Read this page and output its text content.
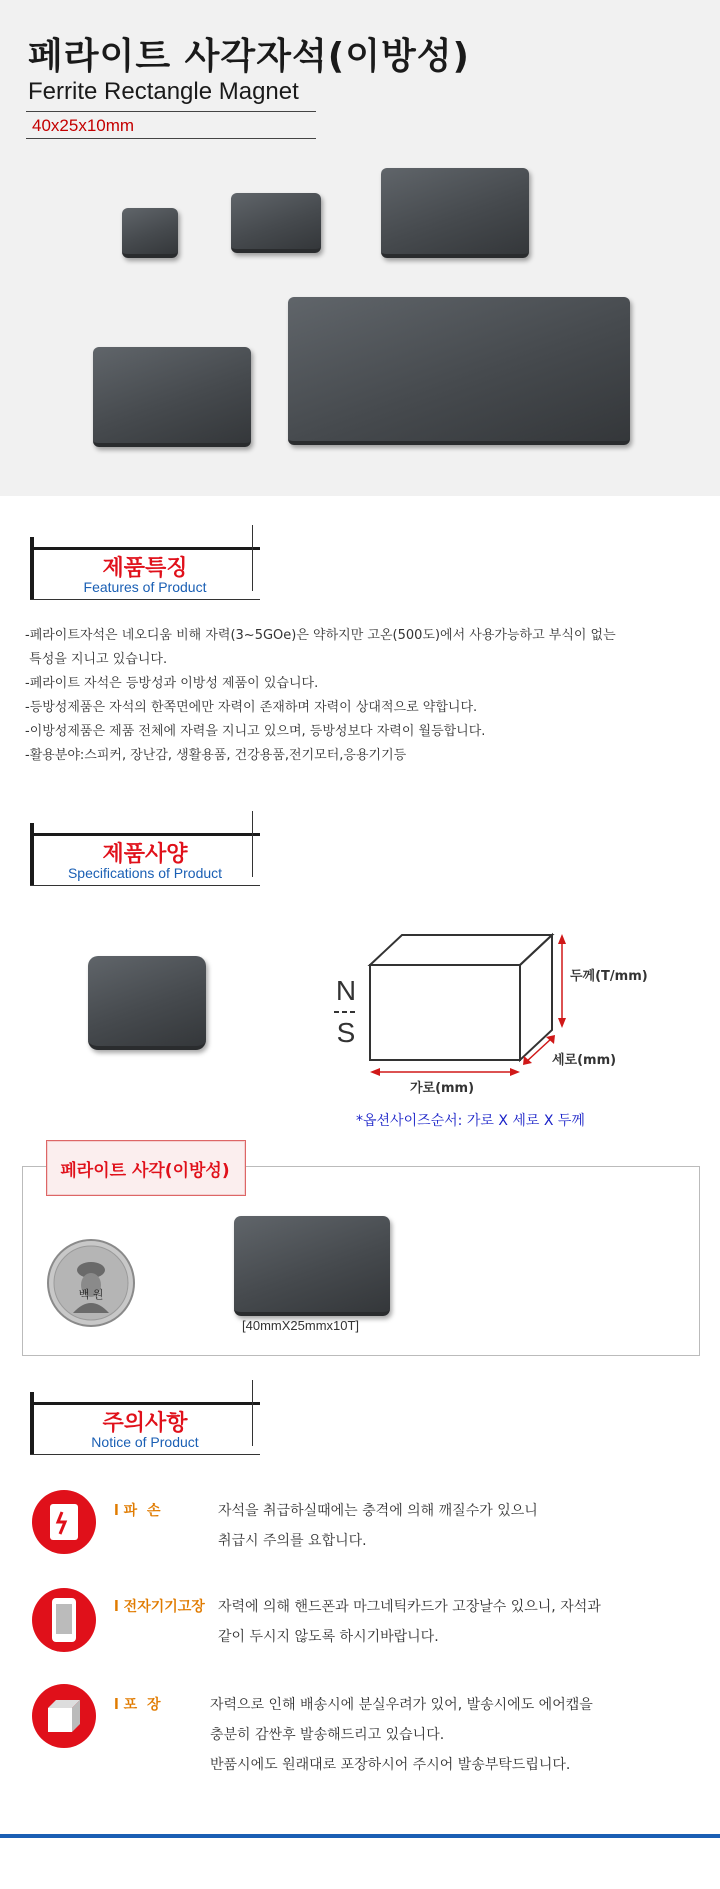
페라이트 사각자석(이방성)
Ferrite Rectangle Magnet
40x25x10mm
제품특징
Features of Product
-페라이트자석은 네오디움 비해 자력(3~5GOe)은 약하지만 고온(500도)에서 사용가능하고 부식이 없는
특성을 지니고 있습니다.
-페라이트 자석은 등방성과 이방성 제품이 있습니다.
-등방성제품은 자석의 한쪽면에만 자력이 존재하며 자력이 상대적으로 약합니다.
-이방성제품은 제품 전체에 자력을 지니고 있으며, 등방성보다 자력이 월등합니다.
-활용분야:스피커, 장난감, 생활용품, 건강용품,전기모터,응용기기등
제품사양
Specifications of Product
N
S
두께(T/mm)
세로(mm)
가로(mm)
*옵션사이즈순서: 가로 X 세로 X 두께
페라이트 사각(이방성)
백 원
[40mmX25mmx10T]
주의사항
Notice of Product
l 파  손	자석을 취급하실때에는 충격에 의해 깨질수가 있으니
취급시 주의를 요합니다.
l 전자기기고장 자력에 의해 핸드폰과 마그네틱카드가 고장날수 있으니, 자석과
같이 두시지 않도록 하시기바랍니다.
l 포  장	자력으로 인해 배송시에 분실우려가 있어, 발송시에도 에어캡을
충분히 감싼후 발송해드리고 있습니다.
반품시에도 원래대로 포장하시어 주시어 발송부탁드립니다.
